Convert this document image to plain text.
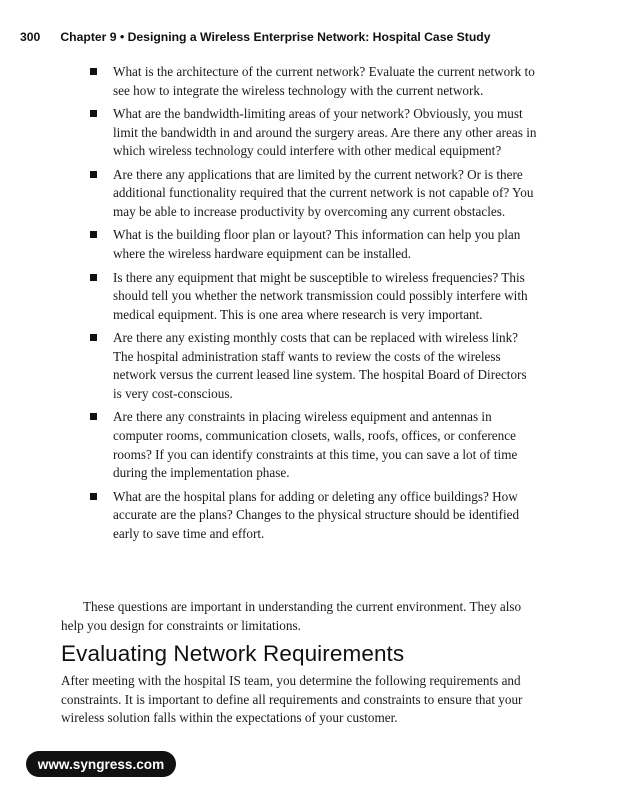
300 Chapter 9 • Designing a Wireless Enterprise Network: Hospital Case Study
What is the architecture of the current network? Evaluate the current network to see how to integrate the wireless technology with the current network.
What are the bandwidth-limiting areas of your network? Obviously, you must limit the bandwidth in and around the surgery areas. Are there any other areas in which wireless technology could interfere with other medical equipment?
Are there any applications that are limited by the current network? Or is there additional functionality required that the current network is not capable of? You may be able to increase productivity by overcoming any current obstacles.
What is the building floor plan or layout? This information can help you plan where the wireless hardware equipment can be installed.
Is there any equipment that might be susceptible to wireless frequencies? This should tell you whether the network transmission could possibly interfere with medical equipment. This is one area where research is very important.
Are there any existing monthly costs that can be replaced with wireless link? The hospital administration staff wants to review the costs of the wireless network versus the current leased line system. The hospital Board of Directors is very cost-conscious.
Are there any constraints in placing wireless equipment and antennas in computer rooms, communication closets, walls, roofs, offices, or conference rooms? If you can identify constraints at this time, you can save a lot of time during the implementation phase.
What are the hospital plans for adding or deleting any office buildings? How accurate are the plans? Changes to the physical structure should be identified early to save time and effort.

These questions are important in understanding the current environment. They also help you design for constraints or limitations.

Evaluating Network Requirements

After meeting with the hospital IS team, you determine the following requirements and constraints. It is important to define all requirements and constraints to ensure that your wireless solution falls within the expectations of your customer.

www.syngress.com
